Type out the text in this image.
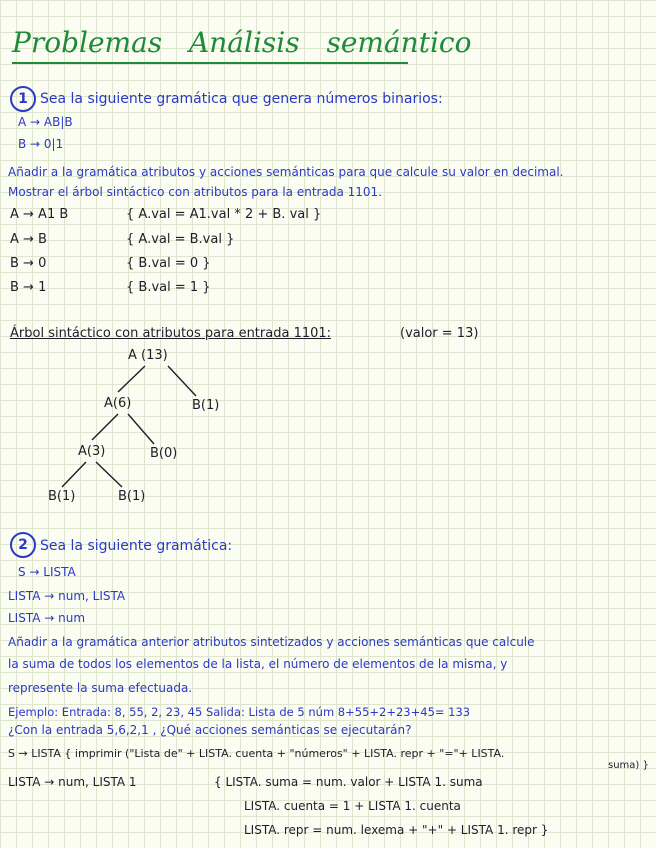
Problemas Análisis semántico
1 Sea la siguiente gramática que genera números binarios:
A → AB|B
B → 0|1
Añadir a la gramática atributos y acciones semánticas para que calcule su valor en decimal.
Mostrar el árbol sintáctico con atributos para la entrada 1101.
A → A1 B	{ A.val = A1.val * 2 + B. val }
A → B	{ A.val = B.val }
B → 0	{ B.val = 0 }
B → 1	{ B.val = 1 }
Árbol sintáctico con atributos para entrada 1101:	(valor = 13)
A (13)
A(6)	B(1)
A(3)	B(0)
B(1)	B(1)
2 Sea la siguiente gramática:
S → LISTA
LISTA → num, LISTA
LISTA → num
Añadir a la gramática anterior atributos sintetizados y acciones semánticas que calcule
la suma de todos los elementos de la lista, el número de elementos de la misma, y
represente la suma efectuada.
Ejemplo: Entrada: 8, 55, 2, 23, 45 Salida: Lista de 5 núm 8+55+2+23+45= 133
¿Con la entrada 5,6,2,1 , ¿Qué acciones semánticas se ejecutarán?
S → LISTA { imprimir ("Lista de" + LISTA. cuenta + "números" + LISTA. repr + "="+ LISTA.
suma) }
LISTA → num, LISTA 1	{ LISTA. suma = num. valor + LISTA 1. suma
LISTA. cuenta = 1 + LISTA 1. cuenta
LISTA. repr = num. lexema + "+" + LISTA 1. repr }
